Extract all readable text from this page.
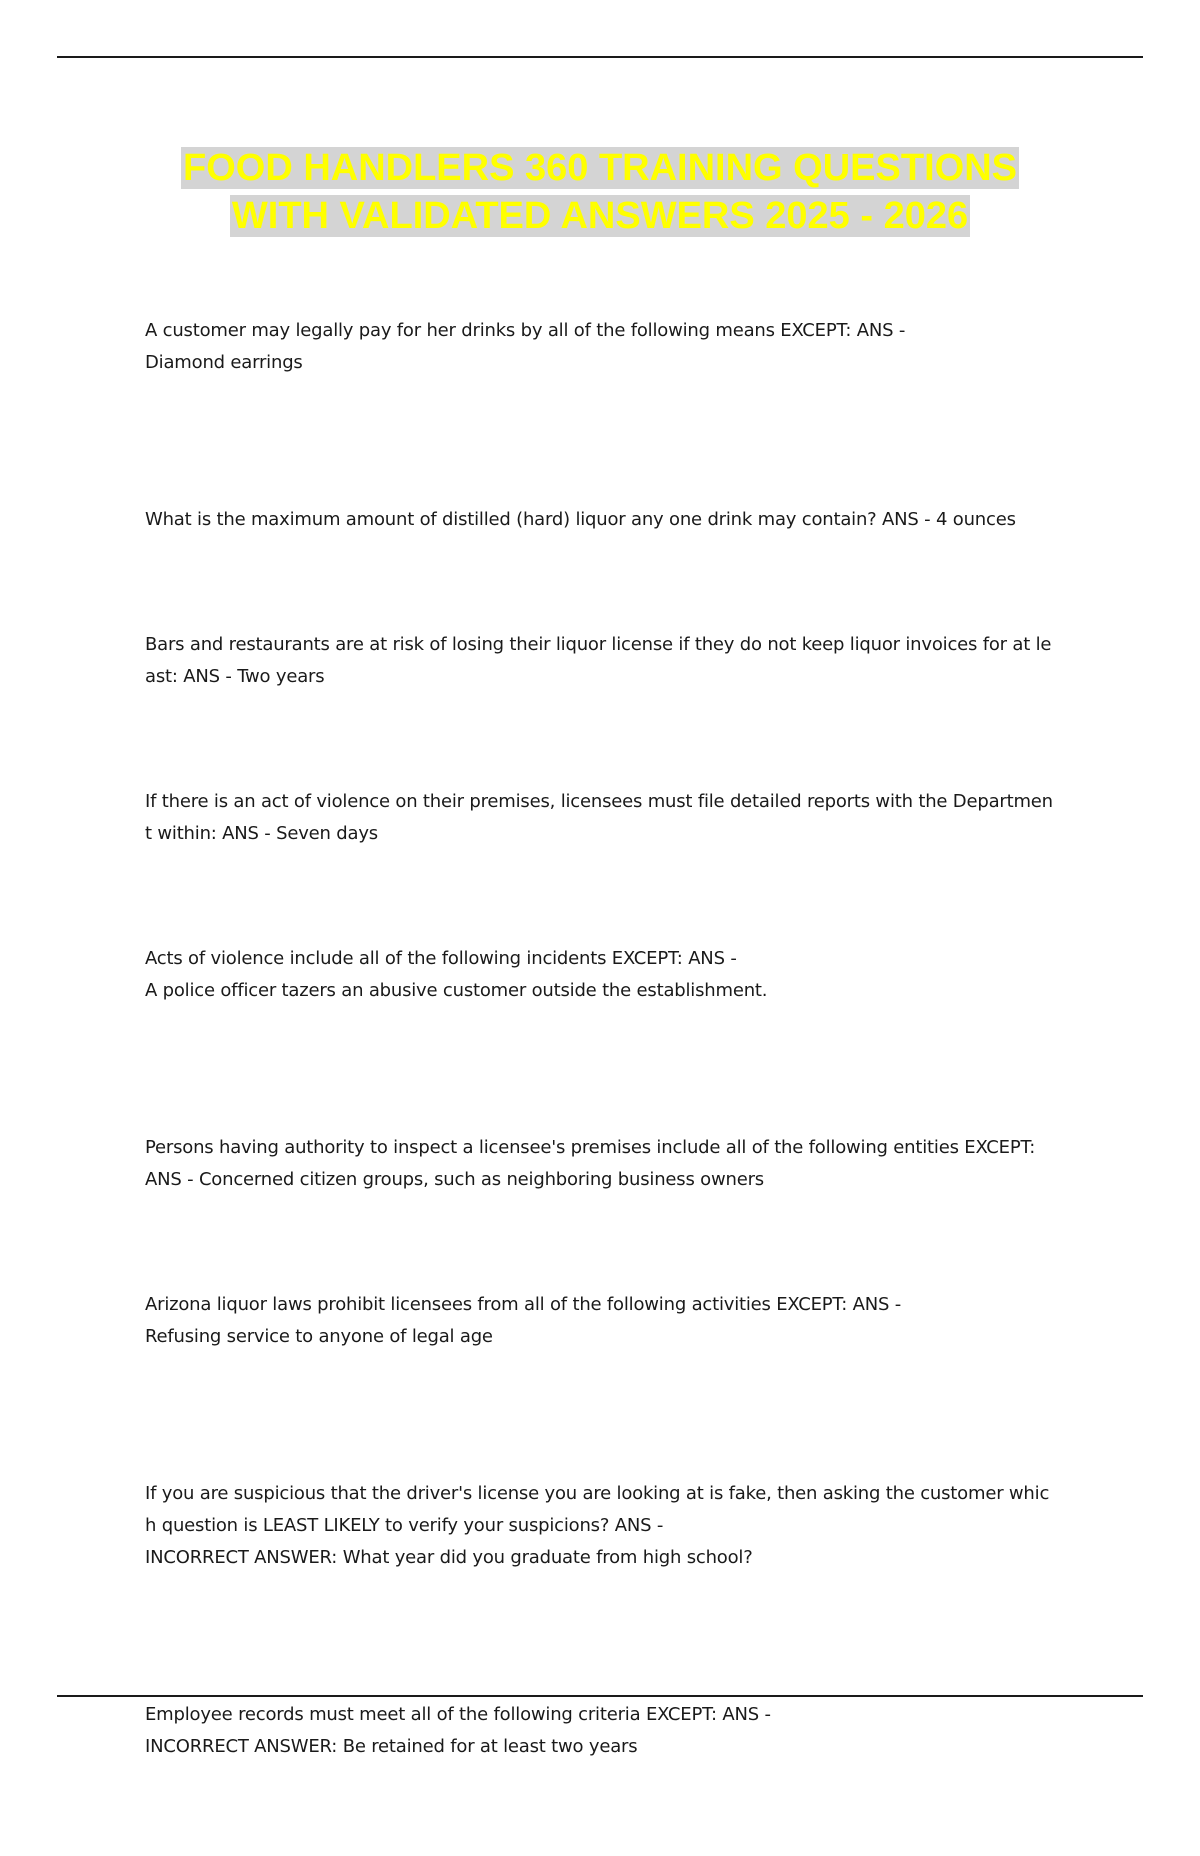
FOOD HANDLERS 360 TRAINING QUESTIONS
WITH VALIDATED ANSWERS 2025 - 2026

A customer may legally pay for her drinks by all of the following means EXCEPT: ANS -

Diamond earrings

What is the maximum amount of distilled (hard) liquor any one drink may contain? ANS - 4 ounces

Bars and restaurants are at risk of losing their liquor license if they do not keep liquor invoices for at le
ast: ANS - Two years

If there is an act of violence on their premises, licensees must file detailed reports with the Departmen
t within: ANS - Seven days

Acts of violence include all of the following incidents EXCEPT: ANS -

A police officer tazers an abusive customer outside the establishment.

Persons having authority to inspect a licensee's premises include all of the following entities EXCEPT:
ANS - Concerned citizen groups, such as neighboring business owners

Arizona liquor laws prohibit licensees from all of the following activities EXCEPT: ANS -

Refusing service to anyone of legal age

If you are suspicious that the driver's license you are looking at is fake, then asking the customer whic
h question is LEAST LIKELY to verify your suspicions? ANS -

INCORRECT ANSWER: What year did you graduate from high school?

Employee records must meet all of the following criteria EXCEPT: ANS -

INCORRECT ANSWER: Be retained for at least two years
